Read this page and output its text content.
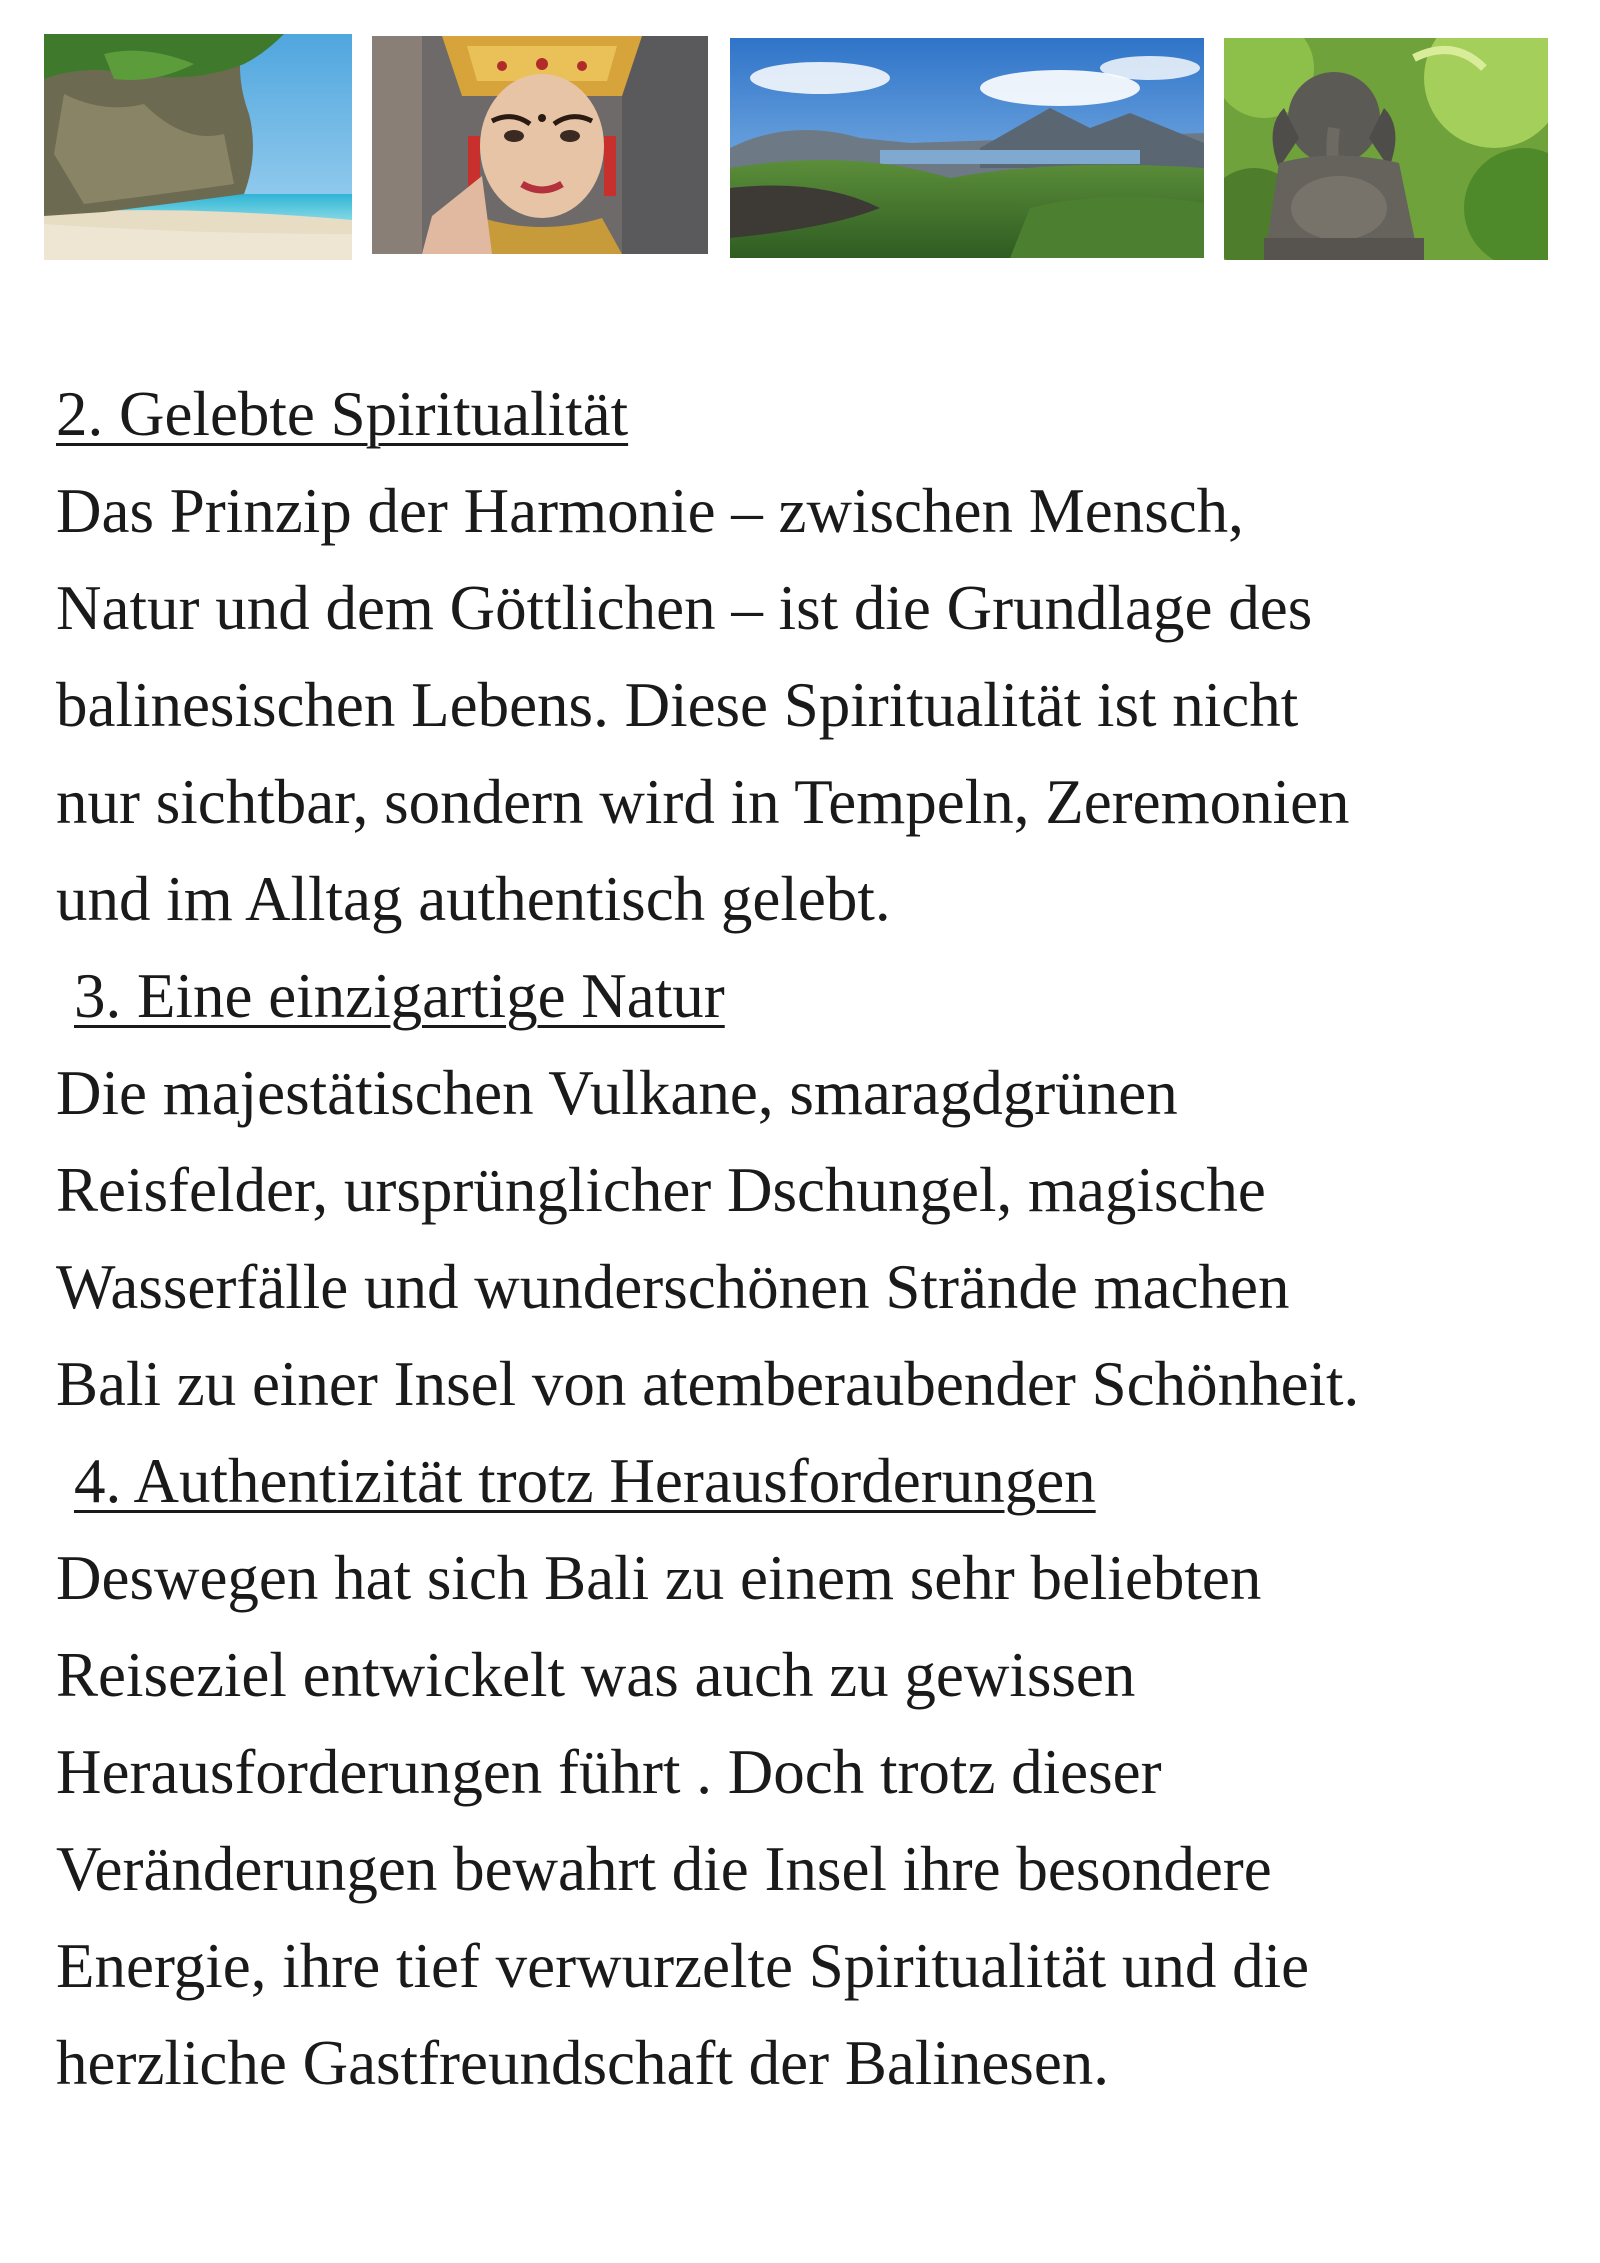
2. Gelebte Spiritualität

Das Prinzip der Harmonie – zwischen Mensch,

Natur und dem Göttlichen – ist die Grundlage des

balinesischen Lebens. Diese Spiritualität ist nicht

nur sichtbar, sondern wird in Tempeln, Zeremonien

und im Alltag authentisch gelebt.

3. Eine einzigartige Natur

Die majestätischen Vulkane, smaragdgrünen

Reisfelder, ursprünglicher Dschungel, magische

Wasserfälle und wunderschönen Strände machen

Bali zu einer Insel von atemberaubender Schönheit.

4. Authentizität trotz Herausforderungen

Deswegen hat sich Bali zu einem sehr beliebten

Reiseziel entwickelt was auch zu gewissen

Herausforderungen führt . Doch trotz dieser

Veränderungen bewahrt die Insel ihre besondere

Energie, ihre tief verwurzelte Spiritualität und die

herzliche Gastfreundschaft der Balinesen.
